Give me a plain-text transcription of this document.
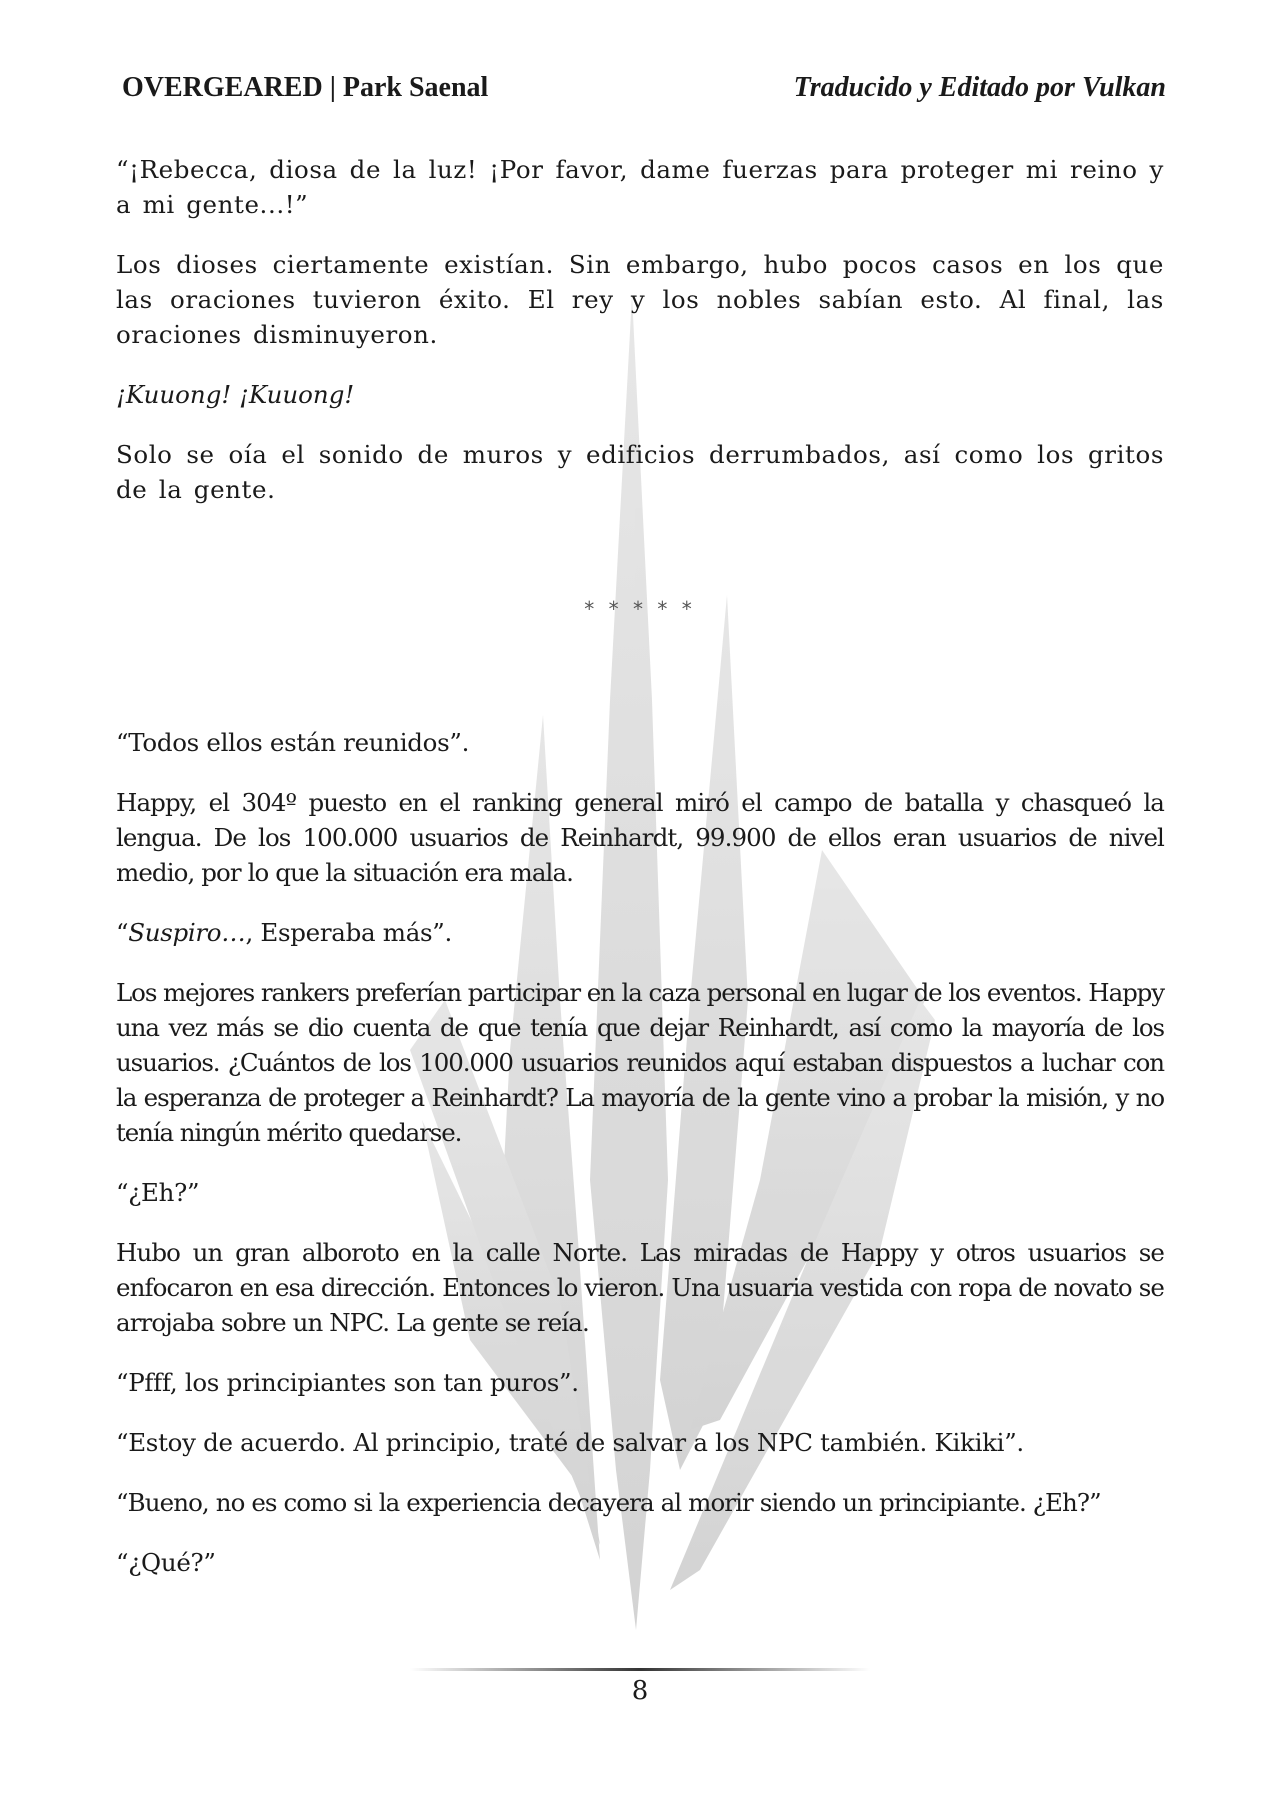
OVERGEARED | Park Saenal	Traducido y Editado por Vulkan

“¡Rebecca, diosa de la luz! ¡Por favor, dame fuerzas para proteger mi reino y a mi gente...!”

Los dioses ciertamente existían. Sin embargo, hubo pocos casos en los que las oraciones tuvieron éxito. El rey y los nobles sabían esto. Al final, las oraciones disminuyeron.

¡Kuuong! ¡Kuuong!

Solo se oía el sonido de muros y edificios derrumbados, así como los gritos de la gente.

* * * * *

“Todos ellos están reunidos”.

Happy, el 304º puesto en el ranking general miró el campo de batalla y chasqueó la lengua. De los 100.000 usuarios de Reinhardt, 99.900 de ellos eran usuarios de nivel medio, por lo que la situación era mala.

“Suspiro…, Esperaba más”.

Los mejores rankers preferían participar en la caza personal en lugar de los eventos. Happy una vez más se dio cuenta de que tenía que dejar Reinhardt, así como la mayoría de los usuarios. ¿Cuántos de los 100.000 usuarios reunidos aquí estaban dispuestos a luchar con la esperanza de proteger a Reinhardt? La mayoría de la gente vino a probar la misión, y no tenía ningún mérito quedarse.

“¿Eh?”

Hubo un gran alboroto en la calle Norte. Las miradas de Happy y otros usuarios se enfocaron en esa dirección. Entonces lo vieron. Una usuaria vestida con ropa de novato se arrojaba sobre un NPC. La gente se reía.

“Pfff, los principiantes son tan puros”.

“Estoy de acuerdo. Al principio, traté de salvar a los NPC también. Kikiki”.

“Bueno, no es como si la experiencia decayera al morir siendo un principiante. ¿Eh?”

“¿Qué?”

8
